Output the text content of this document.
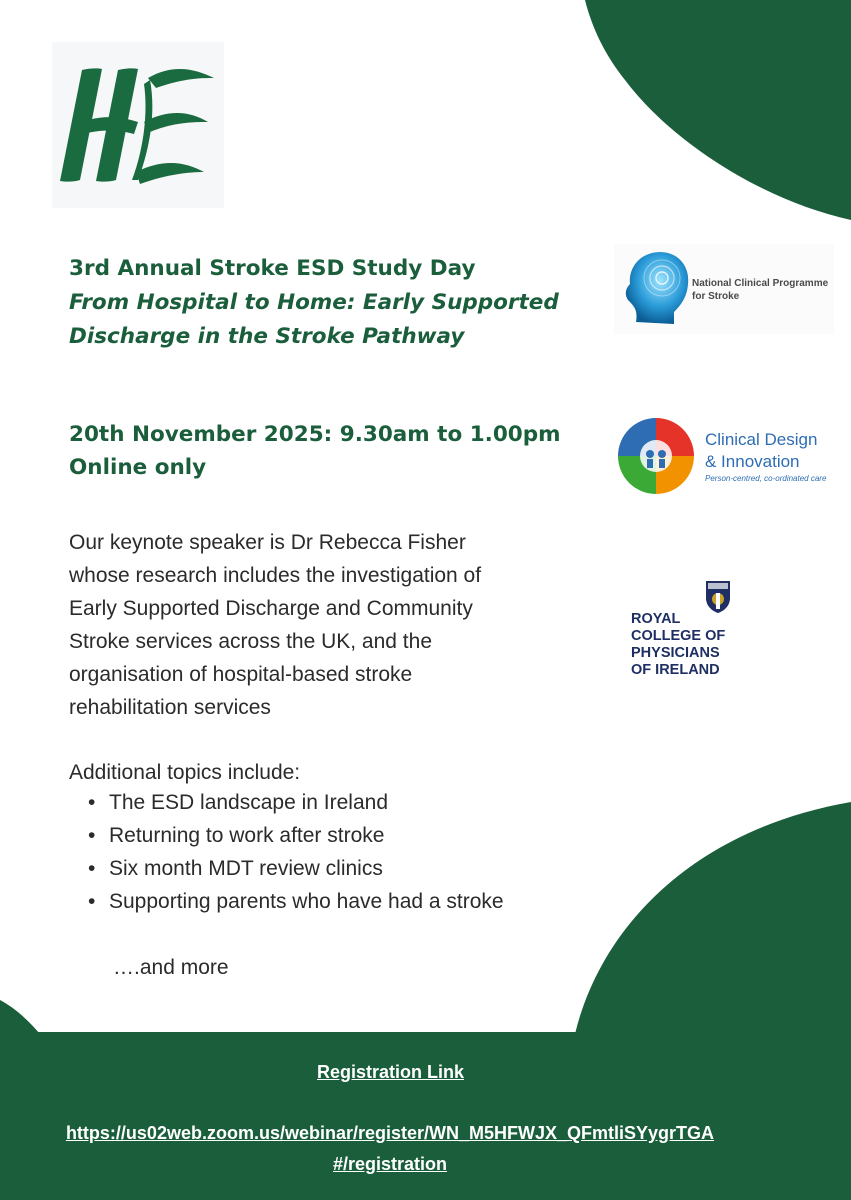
3rd Annual Stroke ESD Study Day
From Hospital to Home: Early Supported Discharge in the Stroke Pathway
20th November 2025: 9.30am to 1.00pm
Online only
Our keynote speaker is Dr Rebecca Fisher whose research includes the investigation of Early Supported Discharge and Community Stroke services across the UK, and the organisation of hospital-based stroke rehabilitation services
Additional topics include:
• The ESD landscape in Ireland
• Returning to work after stroke
• Six month MDT review clinics
• Supporting parents who have had a stroke
….and more
National Clinical Programme
for Stroke
Clinical Design
& Innovation
Person-centred, co-ordinated care
ROYAL
COLLEGE OF
PHYSICIANS
OF IRELAND
Registration Link
https://us02web.zoom.us/webinar/register/WN_M5HFWJX_QFmtliSYygrTGA#/registration
